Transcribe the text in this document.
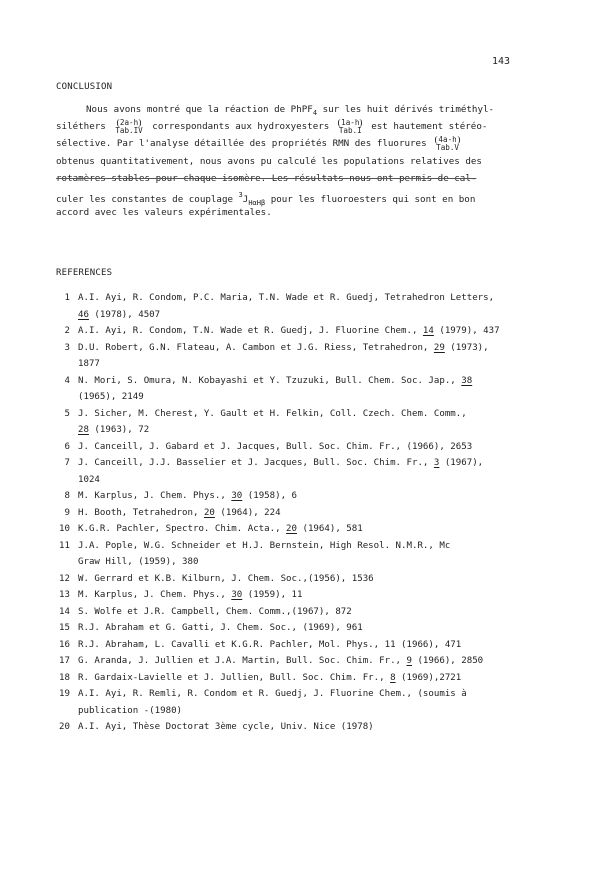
143
CONCLUSION
Nous avons montré que la réaction de PhPF$_4$ sur les huit dérivés triméthyl-
siléthers	2a-h
Tab.IV correspondants aux hydroxyesters 1a-h
Tab.I est hautement stéréo-
sélective. Par l'analyse détaillée des propriétés RMN des fluorures 4a-h
Tab.V
obtenus quantitativement, nous avons pu calculé les populations relatives des
rotamères stables pour chaque isomère. Les résultats nous ont permis de cal-
culer les constantes de couplage $^3J_{H\alpha H\beta}$ pour les fluoroesters qui sont en bon
accord avec les valeurs expérimentales.
REFERENCES
1 A.I. Ayi, R. Condom, P.C. Maria, T.N. Wade et R. Guedj, Tetrahedron Letters,
46 (1978), 4507
2 A.I. Ayi, R. Condom, T.N. Wade et R. Guedj, J. Fluorine Chem., 14 (1979), 437
3 D.U. Robert, G.N. Flateau, A. Cambon et J.G. Riess, Tetrahedron, 29 (1973),
1877
4 N. Mori, S. Omura, N. Kobayashi et Y. Tzuzuki, Bull. Chem. Soc. Jap., 38
(1965), 2149
5 J. Sicher, M. Cherest, Y. Gault et H. Felkin, Coll. Czech. Chem. Comm.,
28 (1963), 72
6 J. Canceill, J. Gabard et J. Jacques, Bull. Soc. Chim. Fr., (1966), 2653
7 J. Canceill, J.J. Basselier et J. Jacques, Bull. Soc. Chim. Fr., 3 (1967),
1024
8 M. Karplus, J. Chem. Phys., 30 (1958), 6
9 H. Booth, Tetrahedron, 20 (1964), 224
10 K.G.R. Pachler, Spectro. Chim. Acta., 20 (1964), 581
11 J.A. Pople, W.G. Schneider et H.J. Bernstein, High Resol. N.M.R., Mc
Graw Hill, (1959), 380
12 W. Gerrard et K.B. Kilburn, J. Chem. Soc.,(1956), 1536
13 M. Karplus, J. Chem. Phys., 30 (1959), 11
14 S. Wolfe et J.R. Campbell, Chem. Comm.,(1967), 872
15 R.J. Abraham et G. Gatti, J. Chem. Soc., (1969), 961
16 R.J. Abraham, L. Cavalli et K.G.R. Pachler, Mol. Phys., 11 (1966), 471
17 G. Aranda, J. Jullien et J.A. Martin, Bull. Soc. Chim. Fr., 9 (1966), 2850
18 R. Gardaix-Lavielle et J. Jullien, Bull. Soc. Chim. Fr., 8 (1969),2721
19 A.I. Ayi, R. Remli, R. Condom et R. Guedj, J. Fluorine Chem., (soumis à
publication -(1980)
20 A.I. Ayi, Thèse Doctorat 3ème cycle, Univ. Nice (1978)
